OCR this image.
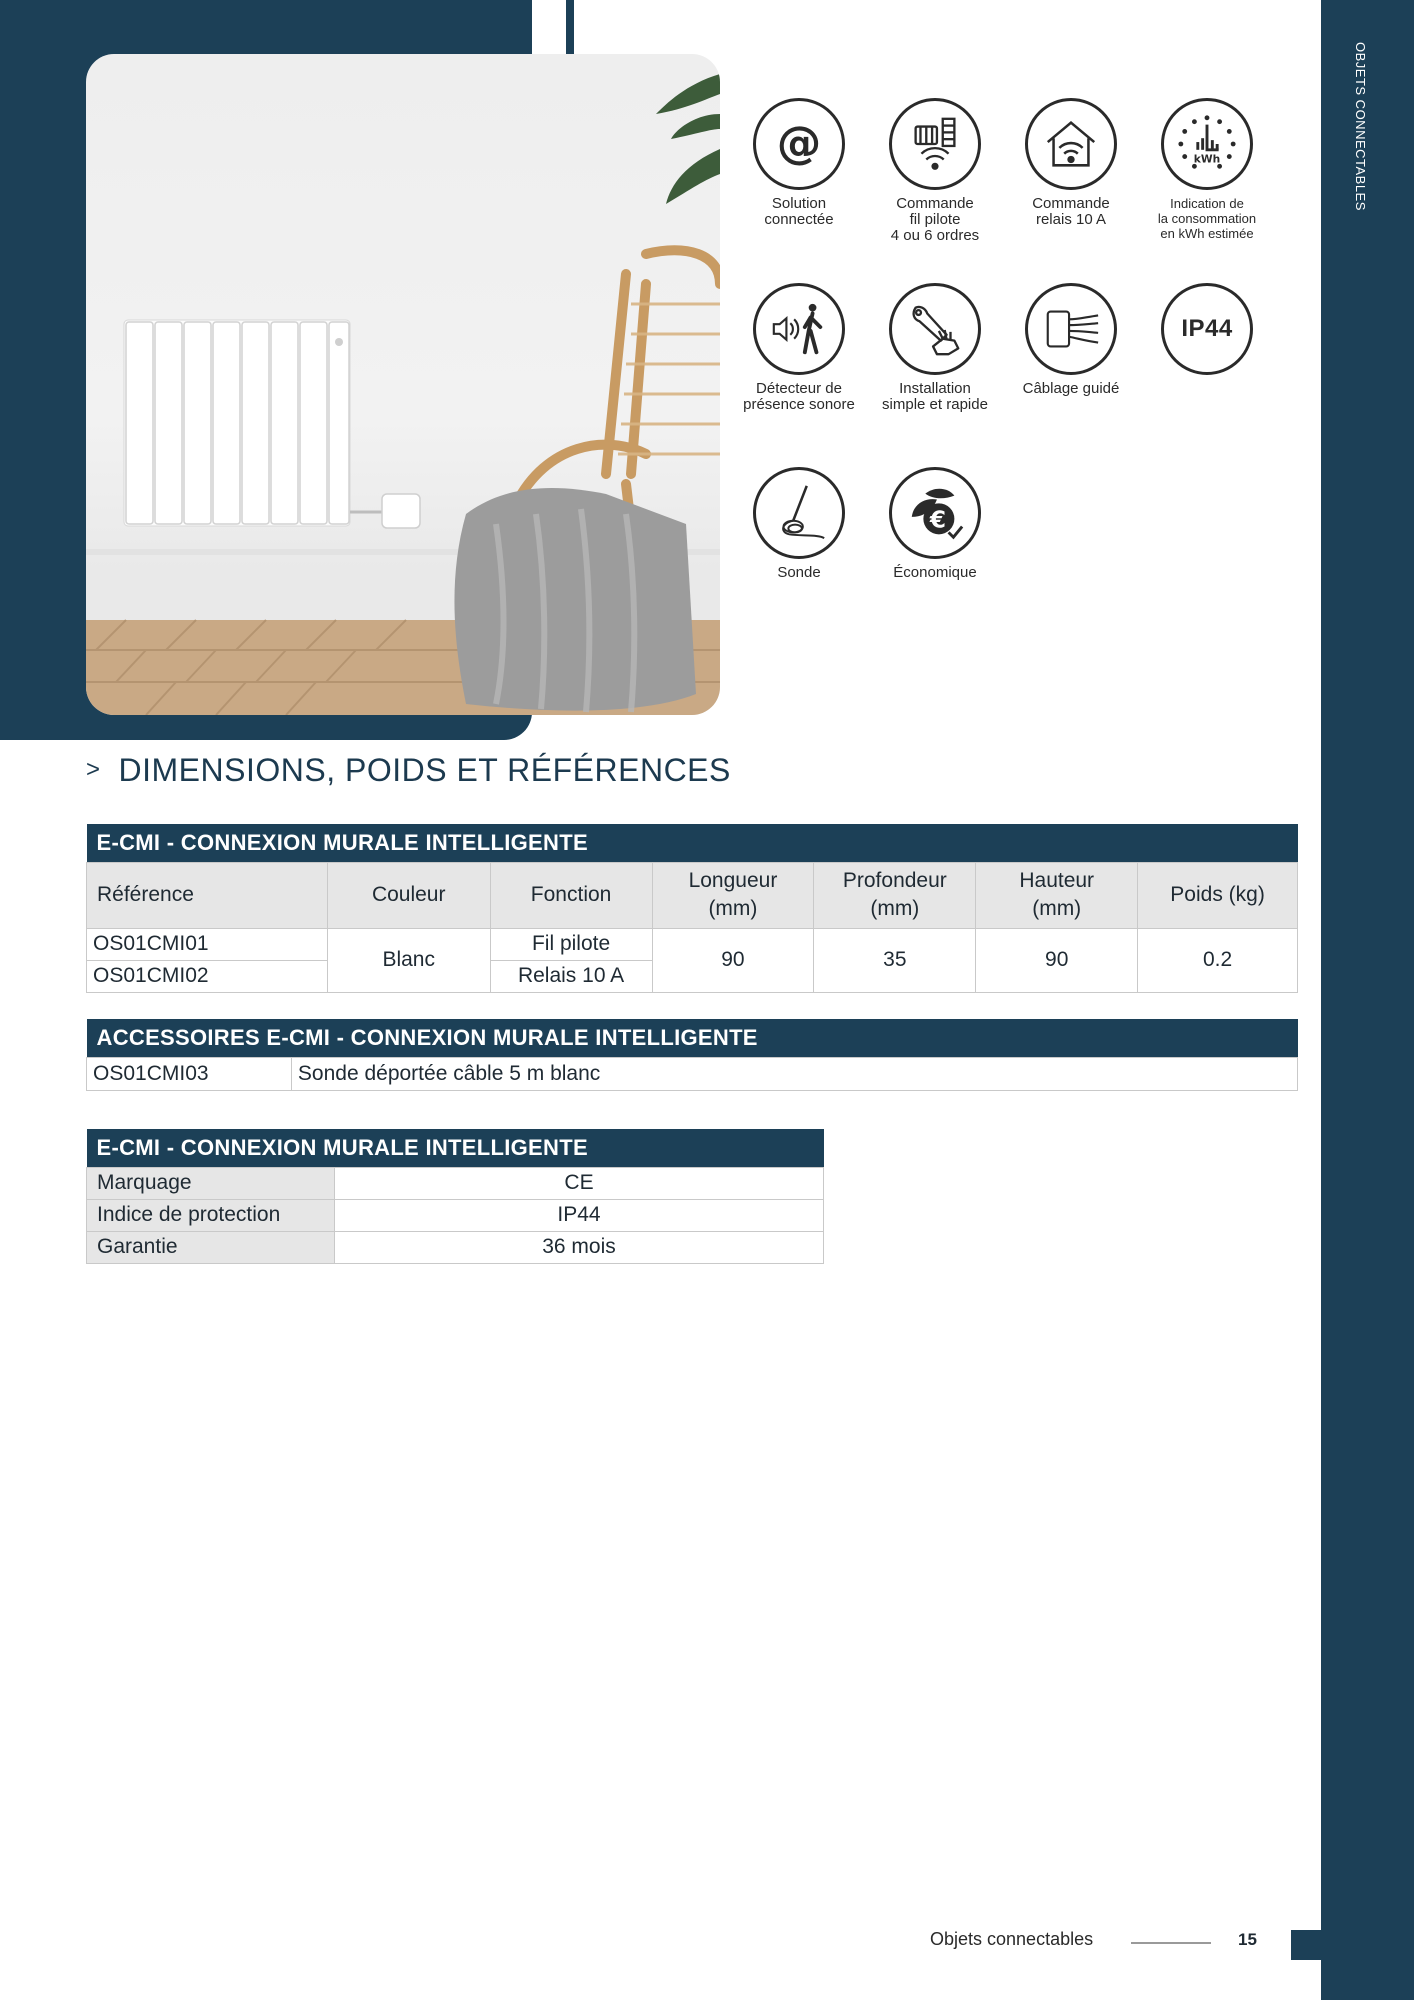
OBJETS CONNECTABLES
@
Solution
connectée
Commande
fil pilote
4 ou 6 ordres
Commande
relais 10 A
kWh
Indication de
la consommation
en kWh estimée
Détecteur de
présence sonore
Installation
simple et rapide
Câblage guidé
IP44
Sonde
€
Économique
> DIMENSIONS, POIDS ET RÉFÉRENCES
E-CMI - CONNEXION MURALE INTELLIGENTE						
Référence	Couleur	Fonction	Longueur
(mm)	Profondeur
(mm)	Hauteur
(mm)	Poids (kg)
OS01CMI01	Blanc	Fil pilote	90	35	90	0.2
OS01CMI02		Relais 10 A				
ACCESSOIRES E-CMI - CONNEXION MURALE INTELLIGENTE
OS01CMI03	Sonde déportée câble 5 m blanc
E-CMI - CONNEXION MURALE INTELLIGENTE	
Marquage	CE
Indice de protection	IP44
Garantie	36 mois
Objets connectables	15
